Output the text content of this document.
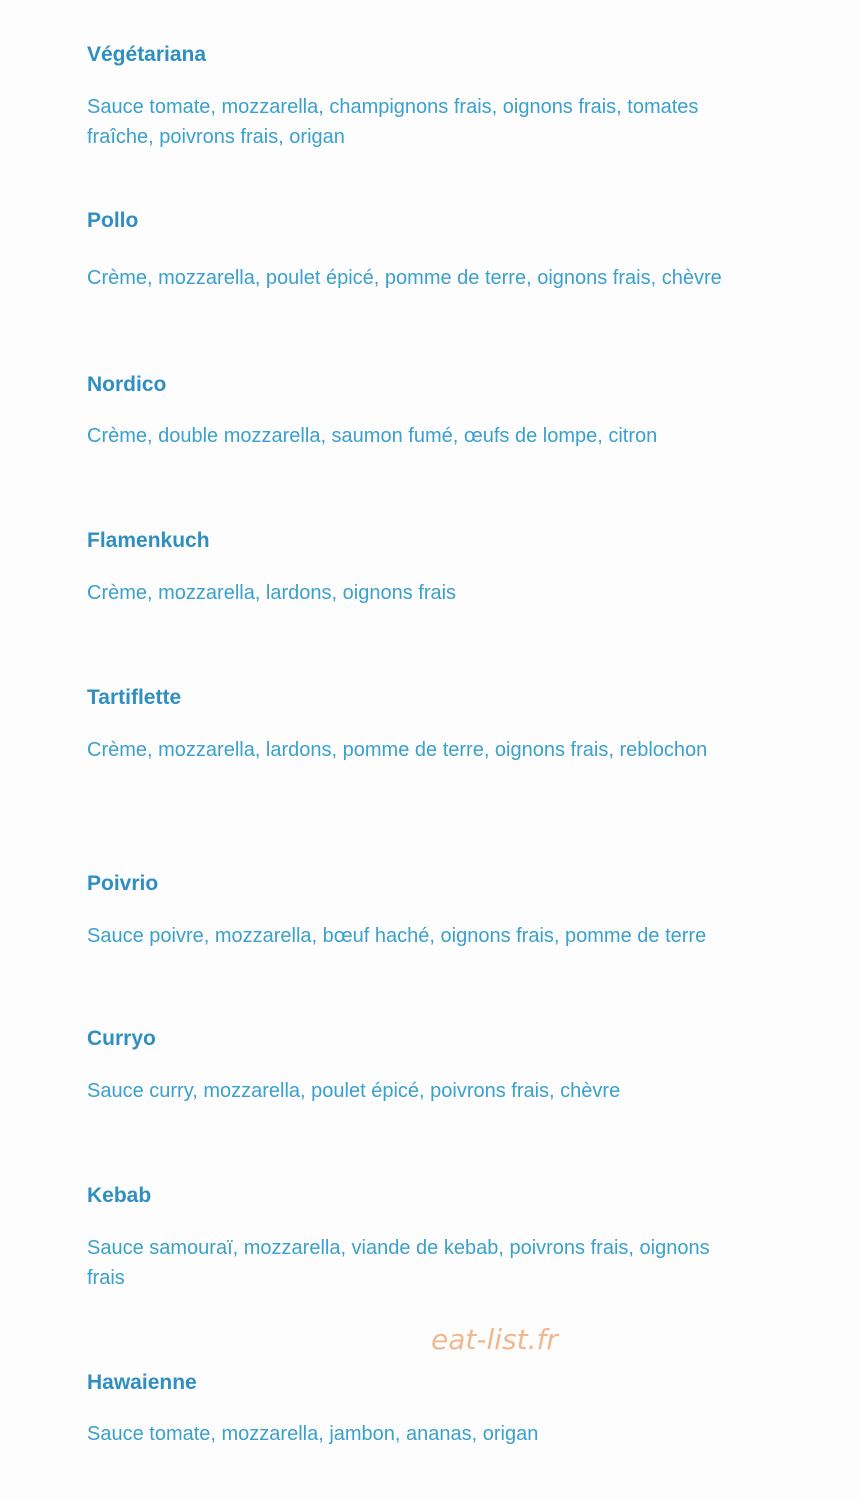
Végétariana

Sauce tomate, mozzarella, champignons frais, oignons frais, tomates fraîche, poivrons frais, origan

Pollo

Crème, mozzarella, poulet épicé, pomme de terre, oignons frais, chèvre

Nordico

Crème, double mozzarella, saumon fumé, œufs de lompe, citron

Flamenkuch

Crème, mozzarella, lardons, oignons frais

Tartiflette

Crème, mozzarella, lardons, pomme de terre, oignons frais, reblochon

Poivrio

Sauce poivre, mozzarella, bœuf haché, oignons frais, pomme de terre

Curryo

Sauce curry, mozzarella, poulet épicé, poivrons frais, chèvre

Kebab

Sauce samouraï, mozzarella, viande de kebab, poivrons frais, oignons frais

eat-list.fr
Hawaienne

Sauce tomate, mozzarella, jambon, ananas, origan
